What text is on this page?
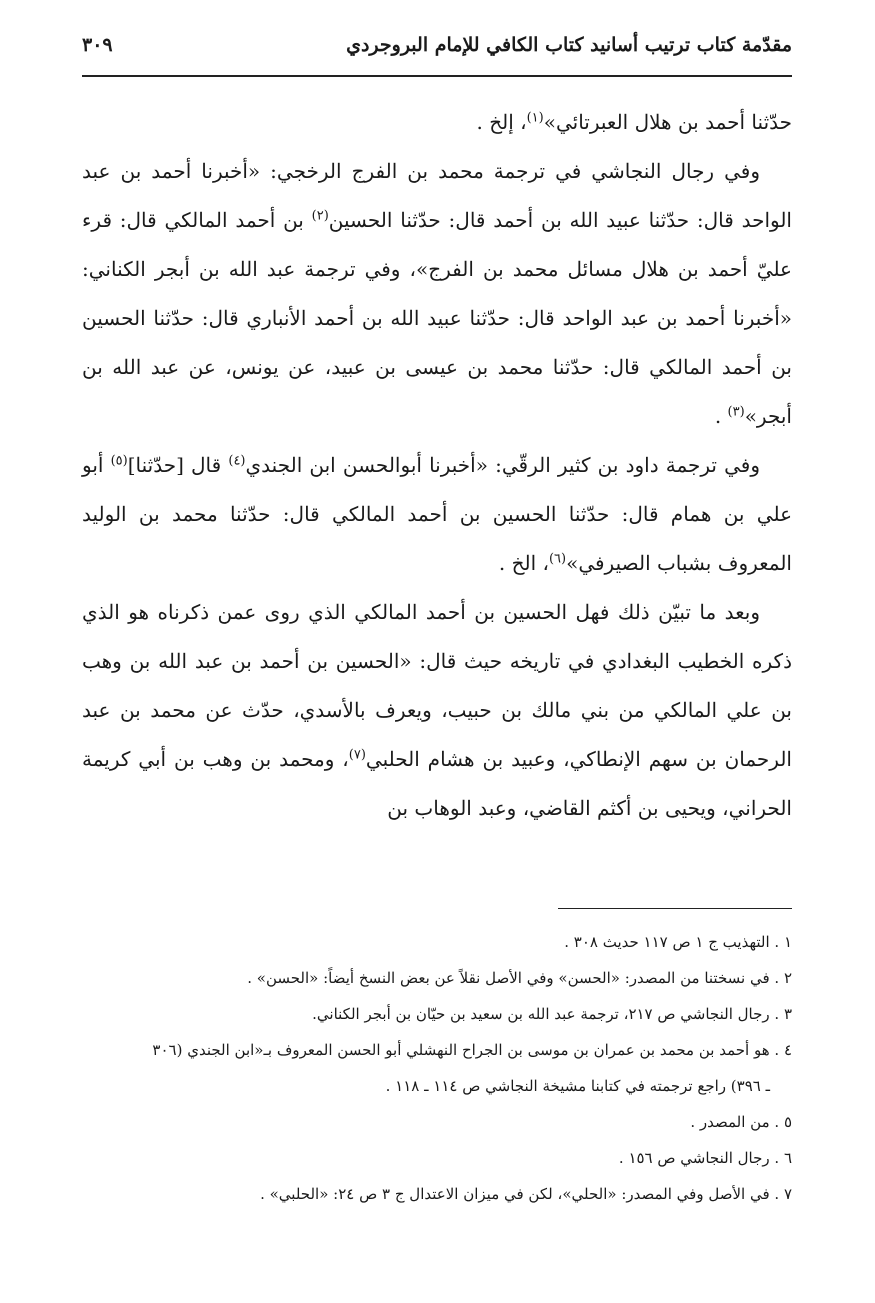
مقدّمة كتاب ترتيب أسانيد كتاب الكافي للإمام البروجردي
٣٠٩

حدّثنا أحمد بن هلال العبرتائي»$^{(١)}$، إلخ .

وفي رجال النجاشي في ترجمة محمد بن الفرج الرخجي: «أخبرنا أحمد بن عبد الواحد قال: حدّثنا عبيد الله بن أحمد قال: حدّثنا الحسين$^{(٢)}$ بن أحمد المالكي قال: قرء عليّ أحمد بن هلال مسائل محمد بن الفرج»، وفي ترجمة عبد الله بن أبجر الكناني: «أخبرنا أحمد بن عبد الواحد قال: حدّثنا عبيد الله بن أحمد الأنباري قال: حدّثنا الحسين بن أحمد المالكي قال: حدّثنا محمد بن عيسى بن عبيد، عن يونس، عن عبد الله بن أبجر»$^{(٣)}$ .

وفي ترجمة داود بن كثير الرقّي: «أخبرنا أبوالحسن ابن الجندي$^{(٤)}$ قال [حدّثنا]$^{(٥)}$ أبو علي بن همام قال: حدّثنا الحسين بن أحمد المالكي قال: حدّثنا محمد بن الوليد المعروف بشباب الصيرفي»$^{(٦)}$، الخ .

وبعد ما تبيّن ذلك فهل الحسين بن أحمد المالكي الذي روى عمن ذكرناه هو الذي ذكره الخطيب البغدادي في تاريخه حيث قال: «الحسين بن أحمد بن عبد الله بن وهب بن علي المالكي من بني مالك بن حبيب، ويعرف بالأسدي، حدّث عن محمد بن عبد الرحمان بن سهم الإنطاكي، وعبيد بن هشام الحلبي$^{(٧)}$، ومحمد بن وهب بن أبي كريمة الحراني، ويحيى بن أكثم القاضي، وعبد الوهاب بن

١ . التهذيب ج ١ ص ١١٧ حديث ٣٠٨ .

٢ . في نسختنا من المصدر: «الحسن» وفي الأصل نقلاً عن بعض النسخ أيضاً: «الحسن» .

٣ . رجال النجاشي ص ٢١٧، ترجمة عبد الله بن سعيد بن حيّان بن أبجر الكناني.

٤ . هو أحمد بن محمد بن عمران بن موسى بن الجراح النهشلي أبو الحسن المعروف بـ«ابن الجندي (٣٠٦

ـ ٣٩٦) راجع ترجمته في كتابنا مشيخة النجاشي ص ١١٤ ـ ١١٨ .

٥ . من المصدر .

٦ . رجال النجاشي ص ١٥٦ .

٧ . في الأصل وفي المصدر: «الحلي»، لكن في ميزان الاعتدال ج ٣ ص ٢٤: «الحلبي» .
